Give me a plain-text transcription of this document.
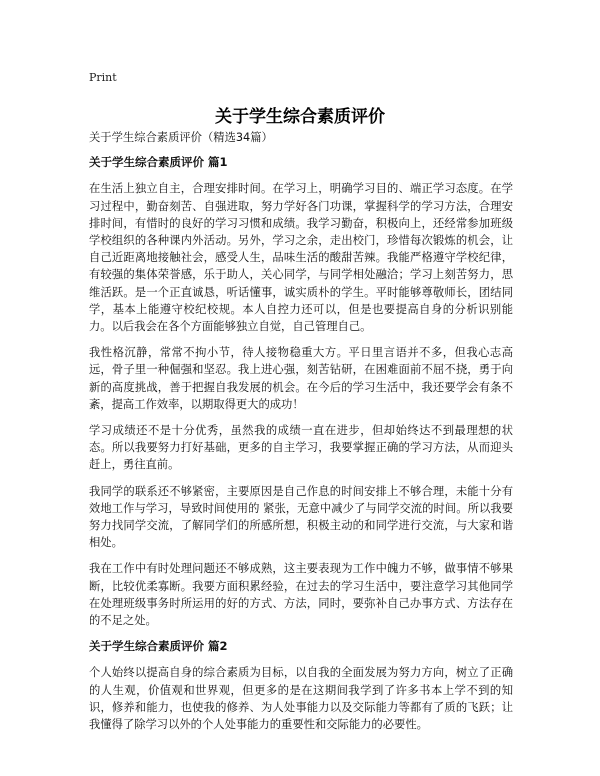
Print
关于学生综合素质评价

关于学生综合素质评价（精选34篇）

关于学生综合素质评价 篇1

在生活上独立自主，合理安排时间。在学习上，明确学习目的、端正学习态度。在学习过程中，勤奋刻苦、自强进取，努力学好各门功课，掌握科学的学习方法，合理安排时间，有惜时的良好的学习习惯和成绩。我学习勤奋，积极向上，还经常参加班级学校组织的各种课内外活动。另外，学习之余，走出校门，珍惜每次锻炼的机会，让自己近距离地接触社会，感受人生，品味生活的酸甜苦辣。我能严格遵守学校纪律，有较强的集体荣誉感，乐于助人，关心同学，与同学相处融洽；学习上刻苦努力，思维活跃。是一个正直诚恳，听话懂事，诚实质朴的学生。平时能够尊敬师长，团结同学，基本上能遵守校纪校规。本人自控力还可以，但是也要提高自身的分析识别能力。以后我会在各个方面能够独立自觉，自己管理自己。

我性格沉静，常常不拘小节，待人接物稳重大方。平日里言语并不多，但我心志高远，骨子里一种倔强和坚忍。我上进心强，刻苦钻研，在困难面前不屈不挠，勇于向新的高度挑战，善于把握自我发展的机会。在今后的学习生活中，我还要学会有条不紊，提高工作效率，以期取得更大的成功！

学习成绩还不是十分优秀，虽然我的成绩一直在进步，但却始终达不到最理想的状态。所以我要努力打好基础，更多的自主学习，我要掌握正确的学习方法，从而迎头赶上，勇往直前。

我同学的联系还不够紧密，主要原因是自己作息的时间安排上不够合理，未能十分有效地工作与学习，导致时间使用的 紧张，无意中减少了与同学交流的时间。所以我要努力找同学交流，了解同学们的所感所想，积极主动的和同学进行交流，与大家和谐相处。

我在工作中有时处理问题还不够成熟，这主要表现为工作中魄力不够，做事情不够果断，比较优柔寡断。我要方面积累经验，在过去的学习生活中，要注意学习其他同学在处理班级事务时所运用的好的方式、方法，同时，要弥补自己办事方式、方法存在的不足之处。

关于学生综合素质评价 篇2

个人始终以提高自身的综合素质为目标，以自我的全面发展为努力方向，树立了正确的人生观，价值观和世界观，但更多的是在这期间我学到了许多书本上学不到的知识，修养和能力，也使我的修养、为人处事能力以及交际能力等都有了质的飞跃；让我懂得了除学习以外的个人处事能力的重要性和交际能力的必要性。
